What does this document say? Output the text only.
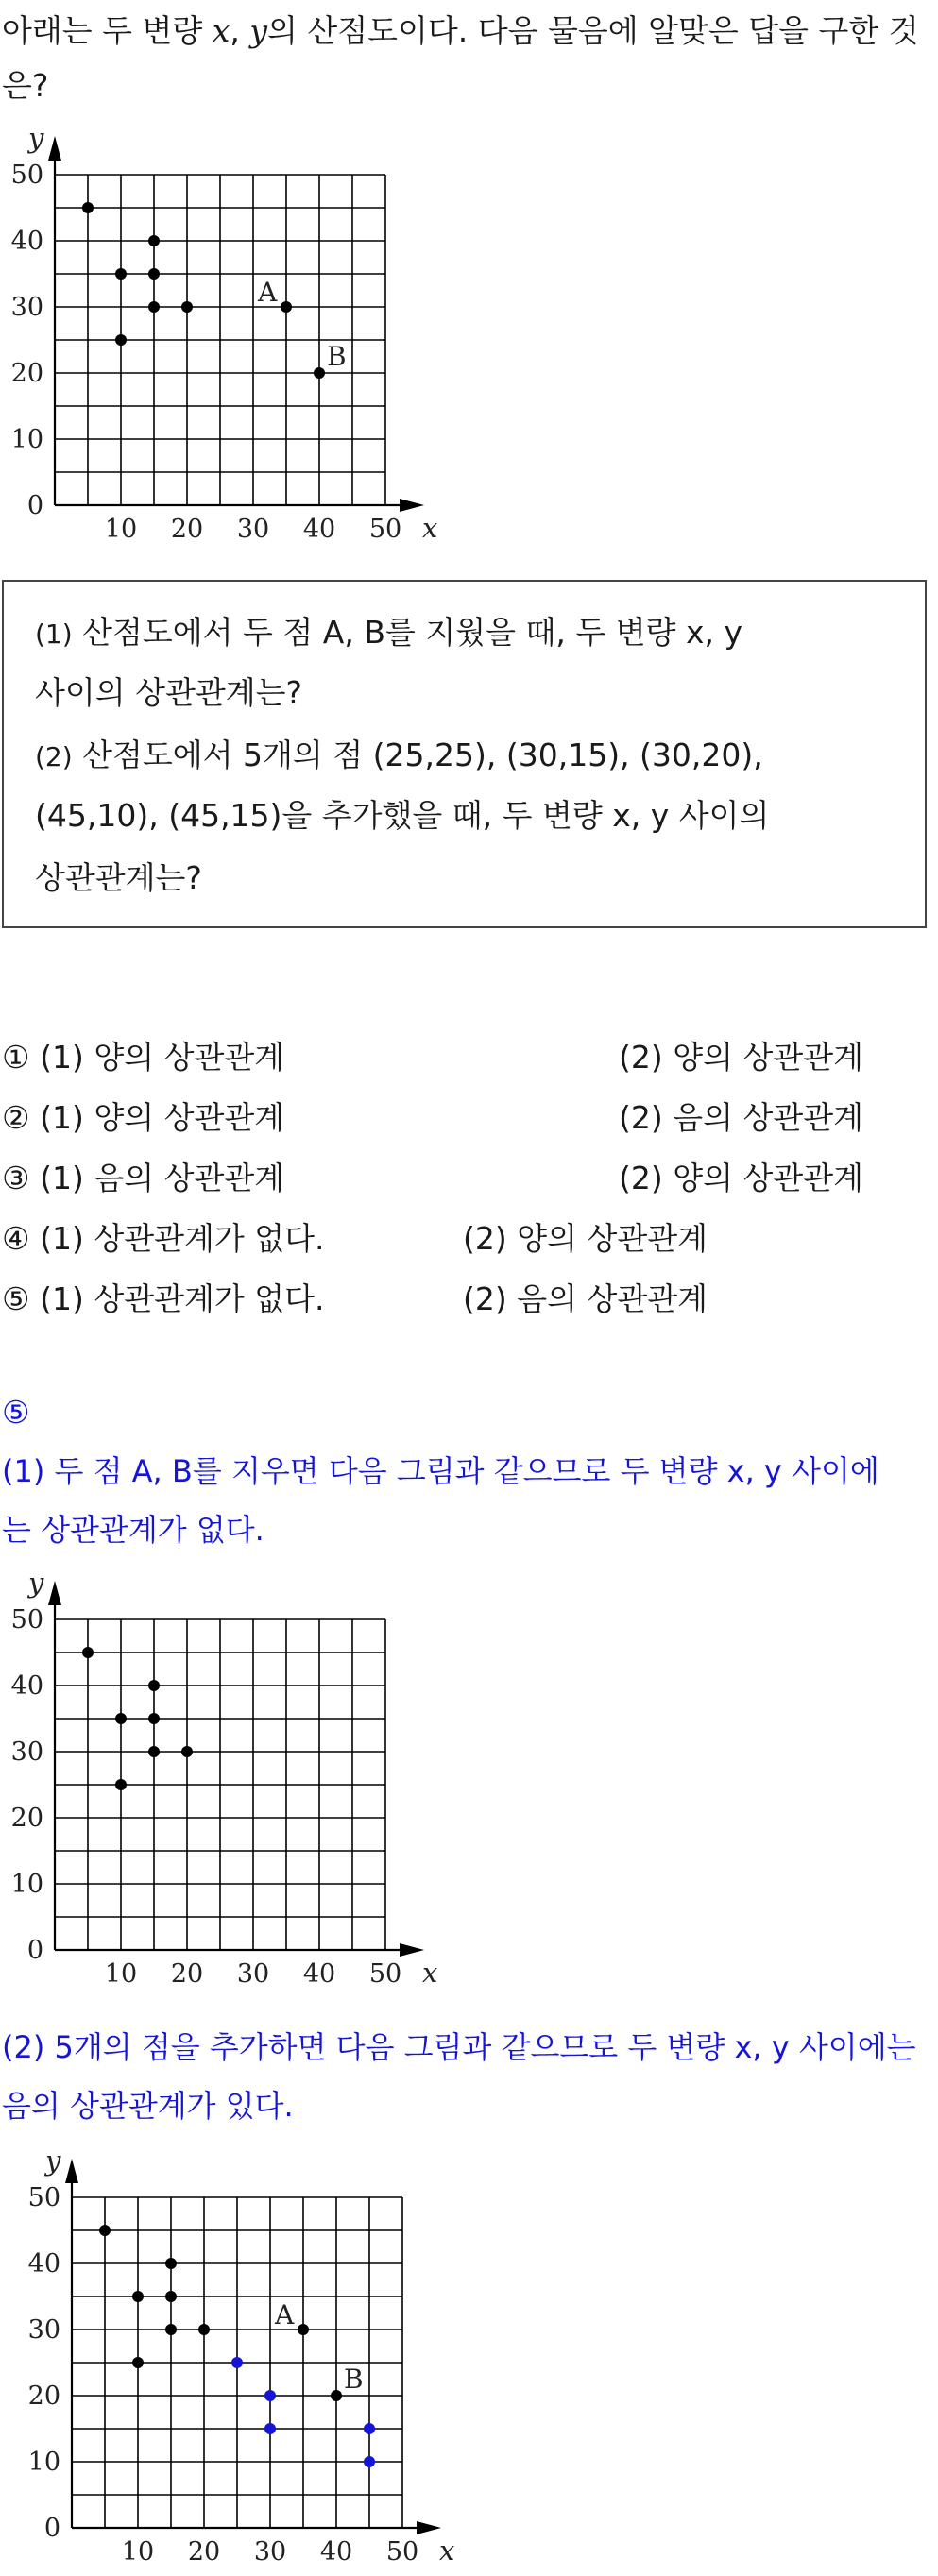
아래는 두 변량 x, y의 산점도이다. 다음 물음에 알맞은 답을 구한 것은?
10 20 30 40 50
0
10
20
30
40
50
x
y
A
B
(1) 산점도에서 두 점 A, B를 지웠을 때, 두 변량 x, y
사이의 상관관계는?
(2) 산점도에서 5개의 점 (25,25), (30,15), (30,20),
(45,10), (45,15)을 추가했을 때, 두 변량 x, y 사이의
상관관계는?
① (1) 양의 상관관계	(2) 양의 상관관계
② (1) 양의 상관관계	(2) 음의 상관관계
③ (1) 음의 상관관계	(2) 양의 상관관계
④ (1) 상관관계가 없다.	(2) 양의 상관관계
⑤ (1) 상관관계가 없다.	(2) 음의 상관관계
⑤
(1) 두 점 A, B를 지우면 다음 그림과 같으므로 두 변량 x, y 사이에
는 상관관계가 없다.
10 20 30 40 50
0
10
20
30
40
50
x
y
(2) 5개의 점을 추가하면 다음 그림과 같으므로 두 변량 x, y 사이에는
음의 상관관계가 있다.
10 20 30 40 50
0
10
20
30
40
50
x
y
A
B
